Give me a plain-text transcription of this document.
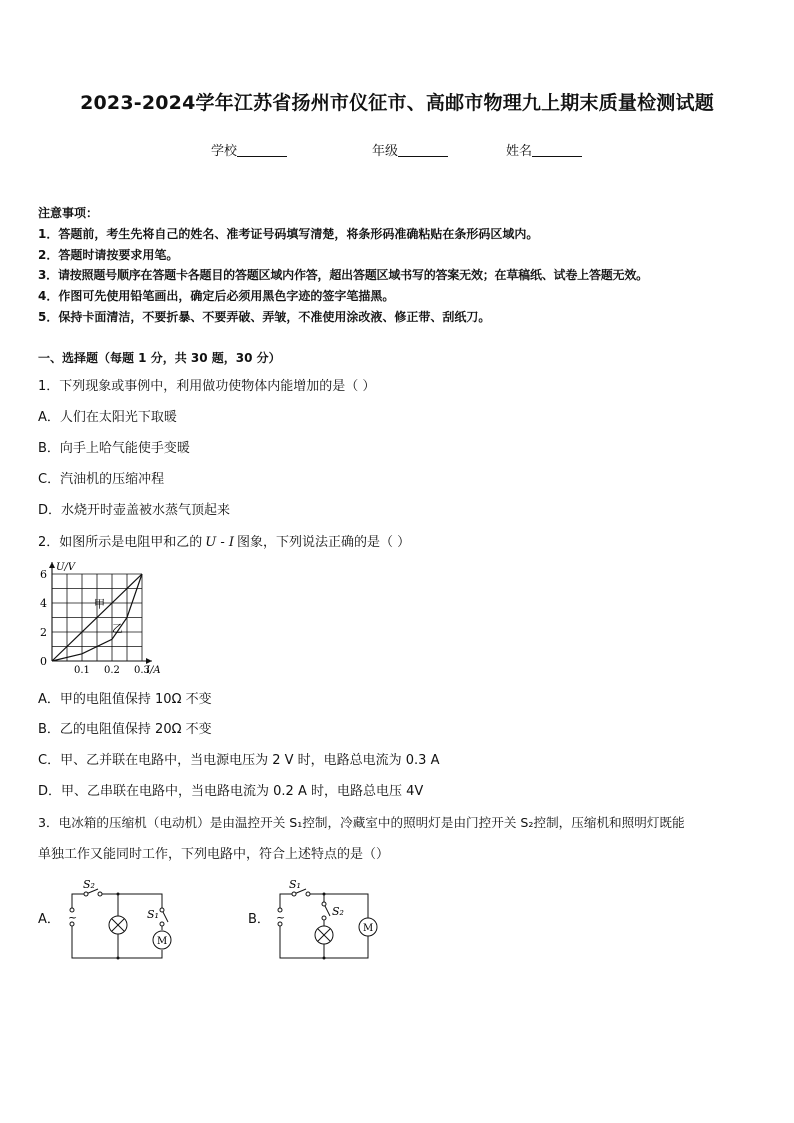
2023-2024学年江苏省扬州市仪征市、高邮市物理九上期末质量检测试题
学校	年级	姓名
注意事项：
1．答题前，考生先将自己的姓名、准考证号码填写清楚，将条形码准确粘贴在条形码区域内。
2．答题时请按要求用笔。
3．请按照题号顺序在答题卡各题目的答题区域内作答，超出答题区域书写的答案无效；在草稿纸、试卷上答题无效。
4．作图可先使用铅笔画出，确定后必须用黑色字迹的签字笔描黑。
5．保持卡面清洁，不要折暴、不要弄破、弄皱，不准使用涂改液、修正带、刮纸刀。
一、选择题（每题 1 分，共 30 题，30 分）
1．下列现象或事例中，利用做功使物体内能增加的是（ ）
A．人们在太阳光下取暖
B．向手上哈气能使手变暖
C．汽油机的压缩冲程
D．水烧开时壶盖被水蒸气顶起来
2．如图所示是电阻甲和乙的 U - I 图象，下列说法正确的是（ ）
甲
乙
0
2
4
6
0.1 0.2 0.3
I/A
U/V
A．甲的电阻值保持 10Ω 不变
B．乙的电阻值保持 20Ω 不变
C．甲、乙并联在电路中，当电源电压为 2 V 时，电路总电流为 0.3 A
D．甲、乙串联在电路中，当电路电流为 0.2 A 时，电路总电压 4V
3．电冰箱的压缩机（电动机）是由温控开关 S₁控制，冷藏室中的照明灯是由门控开关 S₂控制，压缩机和照明灯既能
单独工作又能同时工作，下列电路中，符合上述特点的是（）
A． ~
S₂
S₁
M
B． ~
S₁
S₂
M
